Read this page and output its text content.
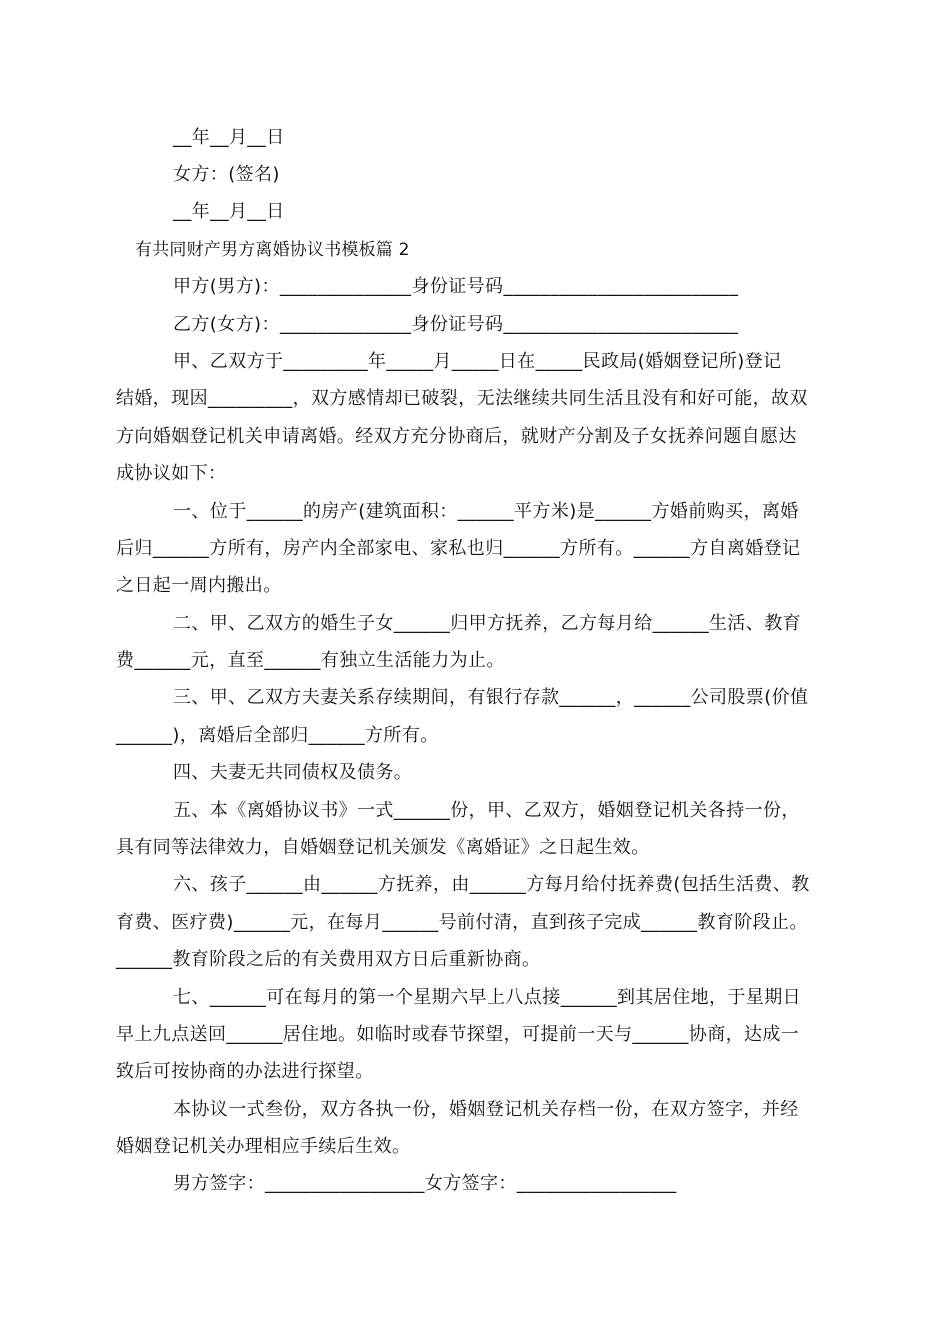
__年__月__日
女方：(签名)
__年__月__日
有共同财产男方离婚协议书模板篇 2
甲方(男方)：______________身份证号码_________________________
乙方(女方)：______________身份证号码_________________________
甲、乙双方于_________年_____月_____日在_____民政局(婚姻登记所)登记
结婚，现因_________，双方感情却已破裂，无法继续共同生活且没有和好可能，故双
方向婚姻登记机关申请离婚。经双方充分协商后，就财产分割及子女抚养问题自愿达
成协议如下：
一、位于______的房产(建筑面积：______平方米)是______方婚前购买，离婚
后归______方所有，房产内全部家电、家私也归______方所有。______方自离婚登记
之日起一周内搬出。
二、甲、乙双方的婚生子女______归甲方抚养，乙方每月给______生活、教育
费______元，直至______有独立生活能力为止。
三、甲、乙双方夫妻关系存续期间，有银行存款______，______公司股票(价值
______)，离婚后全部归______方所有。
四、夫妻无共同债权及债务。
五、本《离婚协议书》一式______份，甲、乙双方，婚姻登记机关各持一份，
具有同等法律效力，自婚姻登记机关颁发《离婚证》之日起生效。
六、孩子______由______方抚养，由______方每月给付抚养费(包括生活费、教
育费、医疗费)______元，在每月______号前付清，直到孩子完成______教育阶段止。
______教育阶段之后的有关费用双方日后重新协商。
七、______可在每月的第一个星期六早上八点接______到其居住地，于星期日
早上九点送回______居住地。如临时或春节探望，可提前一天与______协商，达成一
致后可按协商的办法进行探望。
本协议一式叁份，双方各执一份，婚姻登记机关存档一份，在双方签字，并经
婚姻登记机关办理相应手续后生效。
男方签字：_________________女方签字：_________________
